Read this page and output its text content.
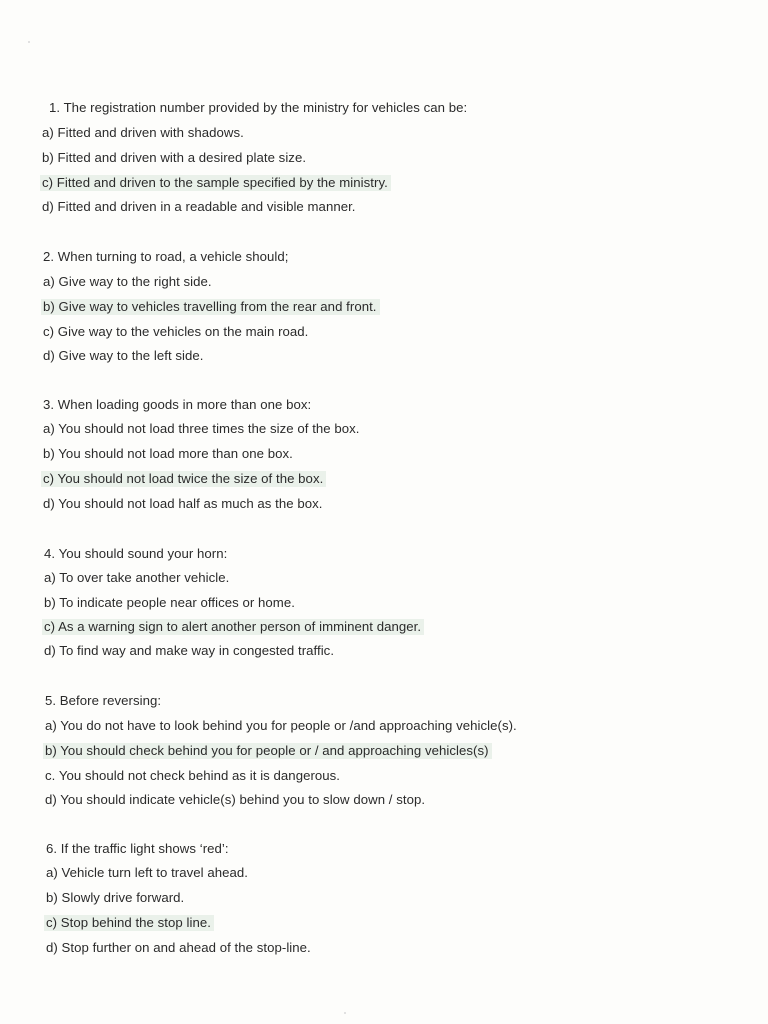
1. The registration number provided by the ministry for vehicles can be:
a) Fitted and driven with shadows.
b) Fitted and driven with a desired plate size.
c) Fitted and driven to the sample specified by the ministry.
d) Fitted and driven in a readable and visible manner.
2. When turning to road, a vehicle should;
a) Give way to the right side.
b) Give way to vehicles travelling from the rear and front.
c) Give way to the vehicles on the main road.
d) Give way to the left side.
3. When loading goods in more than one box:
a) You should not load three times the size of the box.
b) You should not load more than one box.
c) You should not load twice the size of the box.
d) You should not load half as much as the box.
4. You should sound your horn:
a) To over take another vehicle.
b) To indicate people near offices or home.
c) As a warning sign to alert another person of imminent danger.
d) To find way and make way in congested traffic.
5. Before reversing:
a) You do not have to look behind you for people or /and approaching vehicle(s).
b) You should check behind you for people or / and approaching vehicles(s)
c. You should not check behind as it is dangerous.
d) You should indicate vehicle(s) behind you to slow down / stop.
6. If the traffic light shows ‘red’:
a) Vehicle turn left to travel ahead.
b) Slowly drive forward.
c) Stop behind the stop line.
d) Stop further on and ahead of the stop-line.
